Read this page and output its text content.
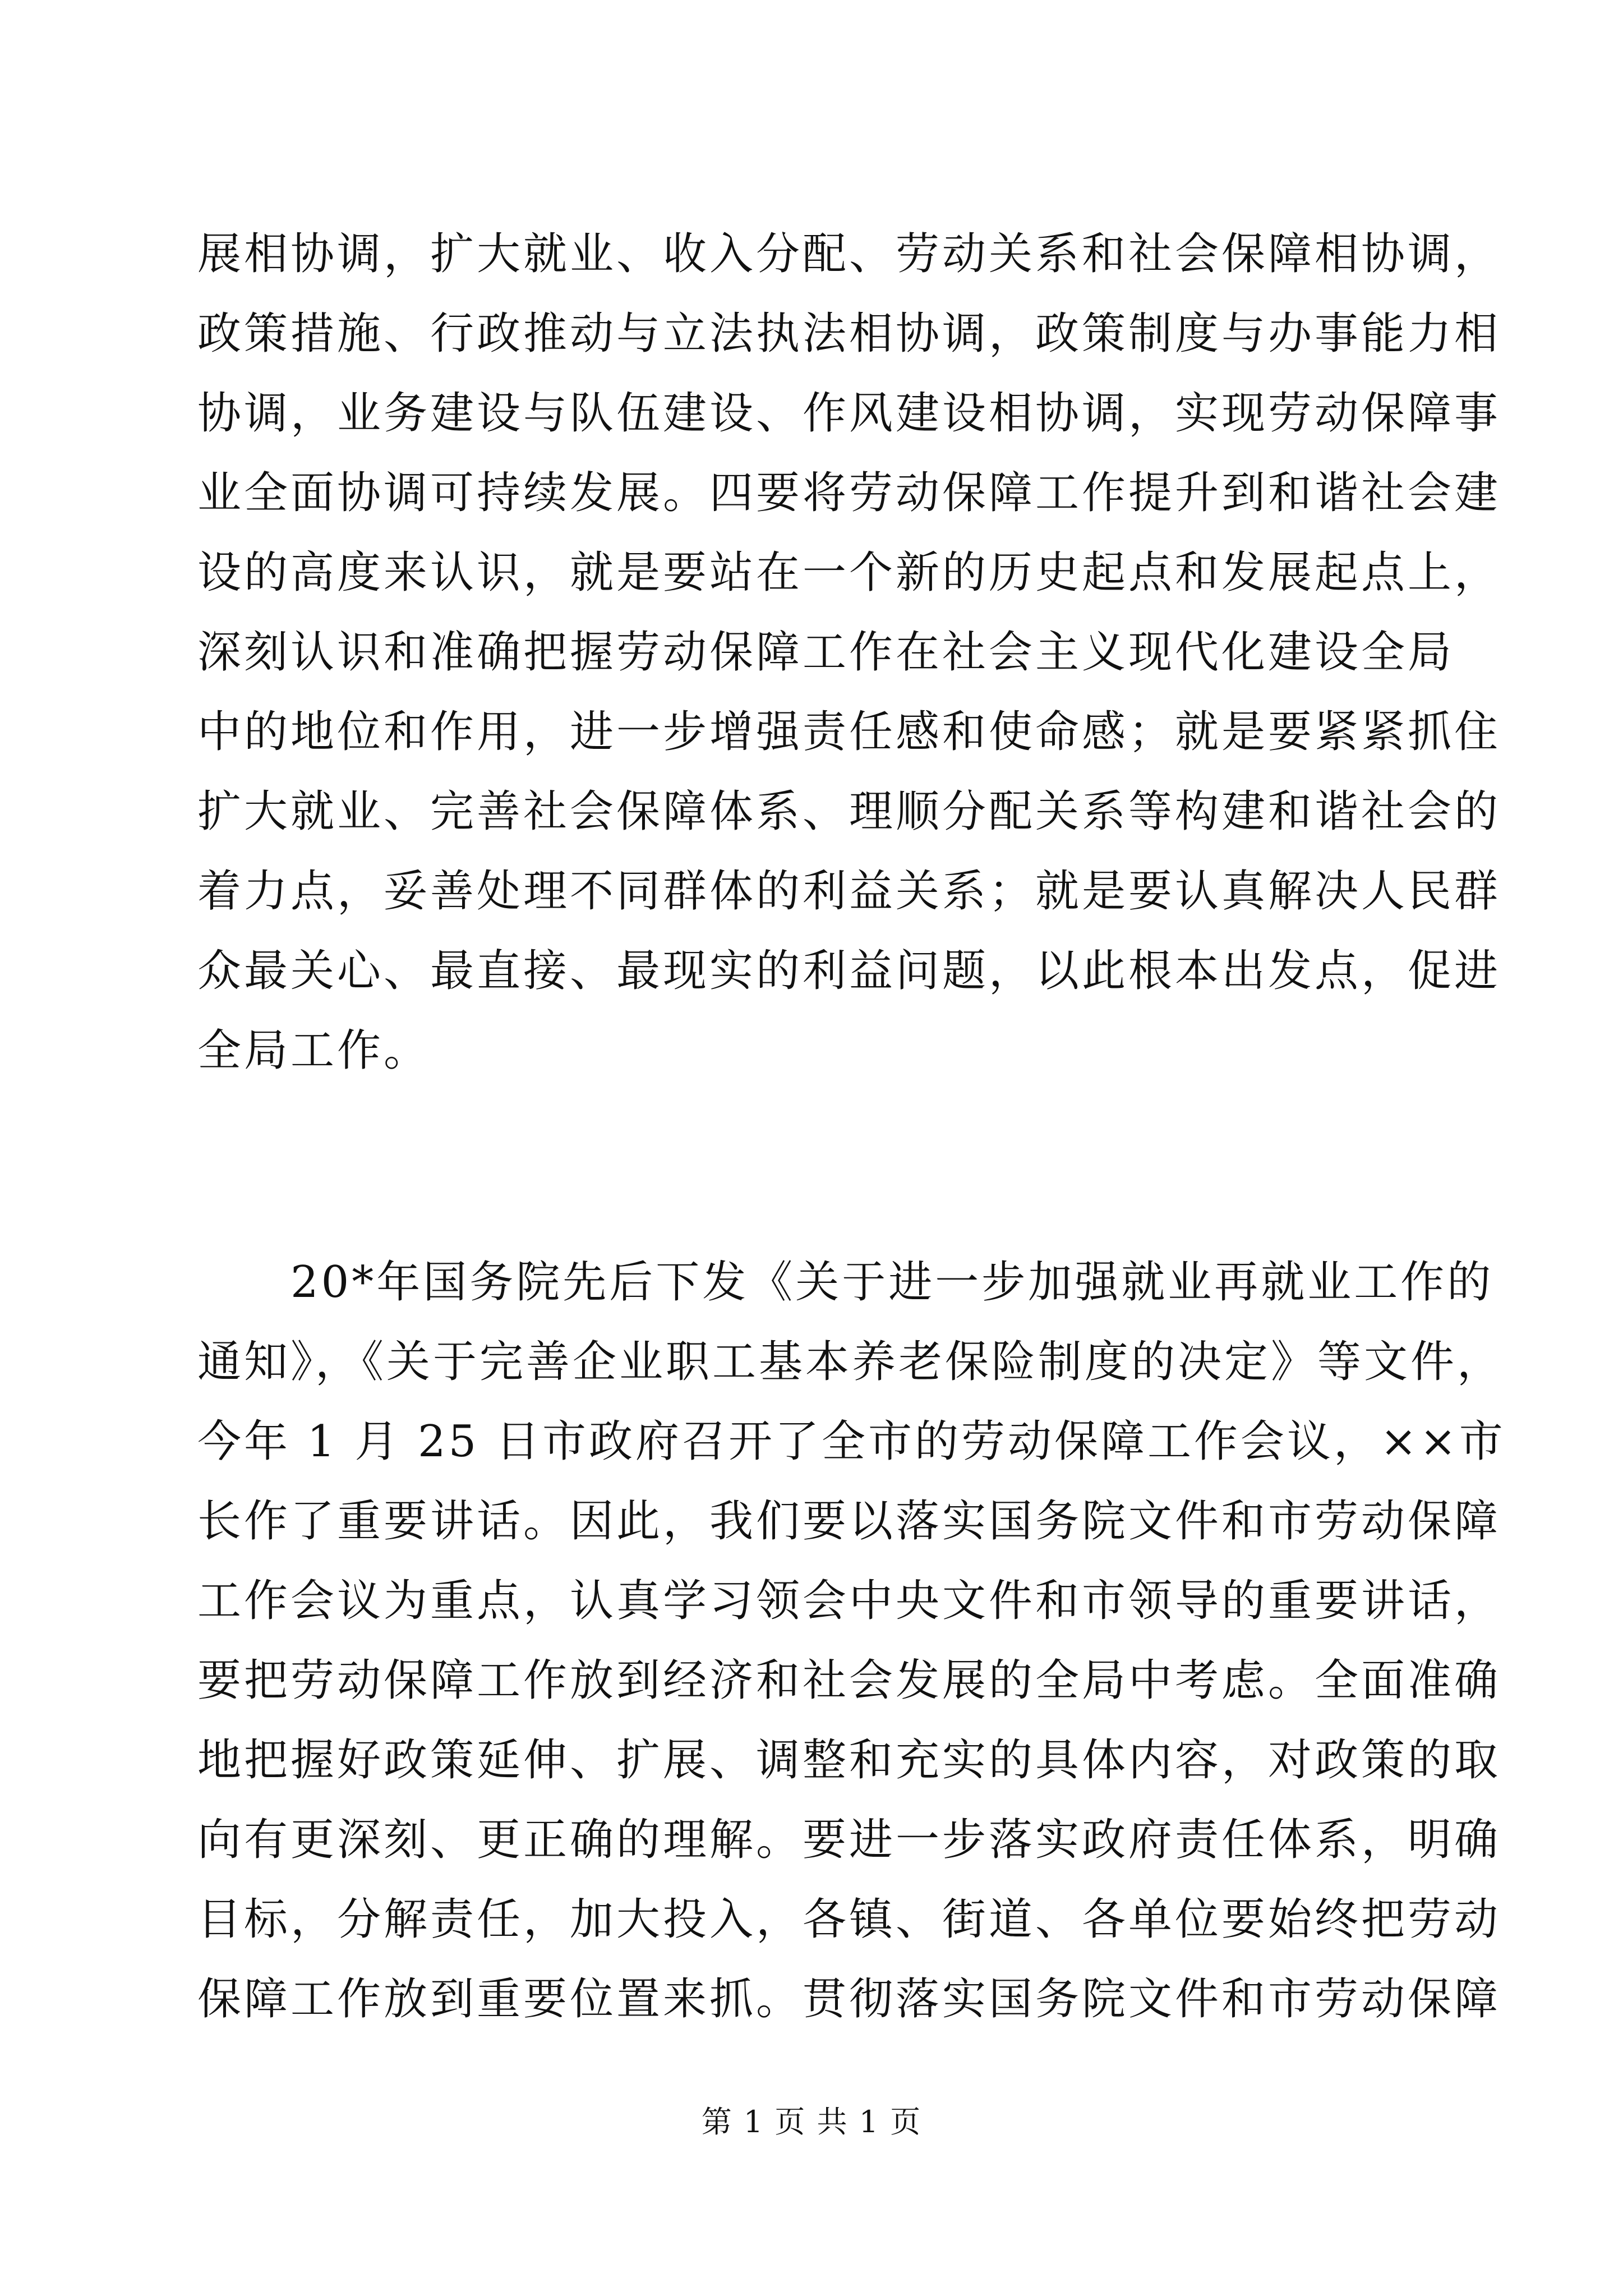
展相协调，扩大就业、收入分配、劳动关系和社会保障相协调，
政策措施、行政推动与立法执法相协调，政策制度与办事能力相
协调，业务建设与队伍建设、作风建设相协调，实现劳动保障事
业全面协调可持续发展。四要将劳动保障工作提升到和谐社会建
设的高度来认识，就是要站在一个新的历史起点和发展起点上，
深刻认识和准确把握劳动保障工作在社会主义现代化建设全局
中的地位和作用，进一步增强责任感和使命感；就是要紧紧抓住
扩大就业、完善社会保障体系、理顺分配关系等构建和谐社会的
着力点，妥善处理不同群体的利益关系；就是要认真解决人民群
众最关心、最直接、最现实的利益问题，以此根本出发点，促进
全局工作。
　　20*年国务院先后下发《关于进一步加强就业再就业工作的
通知》，《关于完善企业职工基本养老保险制度的决定》等文件，
今年 1 月 25 日市政府召开了全市的劳动保障工作会议，××市
长作了重要讲话。因此，我们要以落实国务院文件和市劳动保障
工作会议为重点，认真学习领会中央文件和市领导的重要讲话，
要把劳动保障工作放到经济和社会发展的全局中考虑。全面准确
地把握好政策延伸、扩展、调整和充实的具体内容，对政策的取
向有更深刻、更正确的理解。要进一步落实政府责任体系，明确
目标，分解责任，加大投入，各镇、街道、各单位要始终把劳动
保障工作放到重要位置来抓。贯彻落实国务院文件和市劳动保障
第 1 页 共 1 页
